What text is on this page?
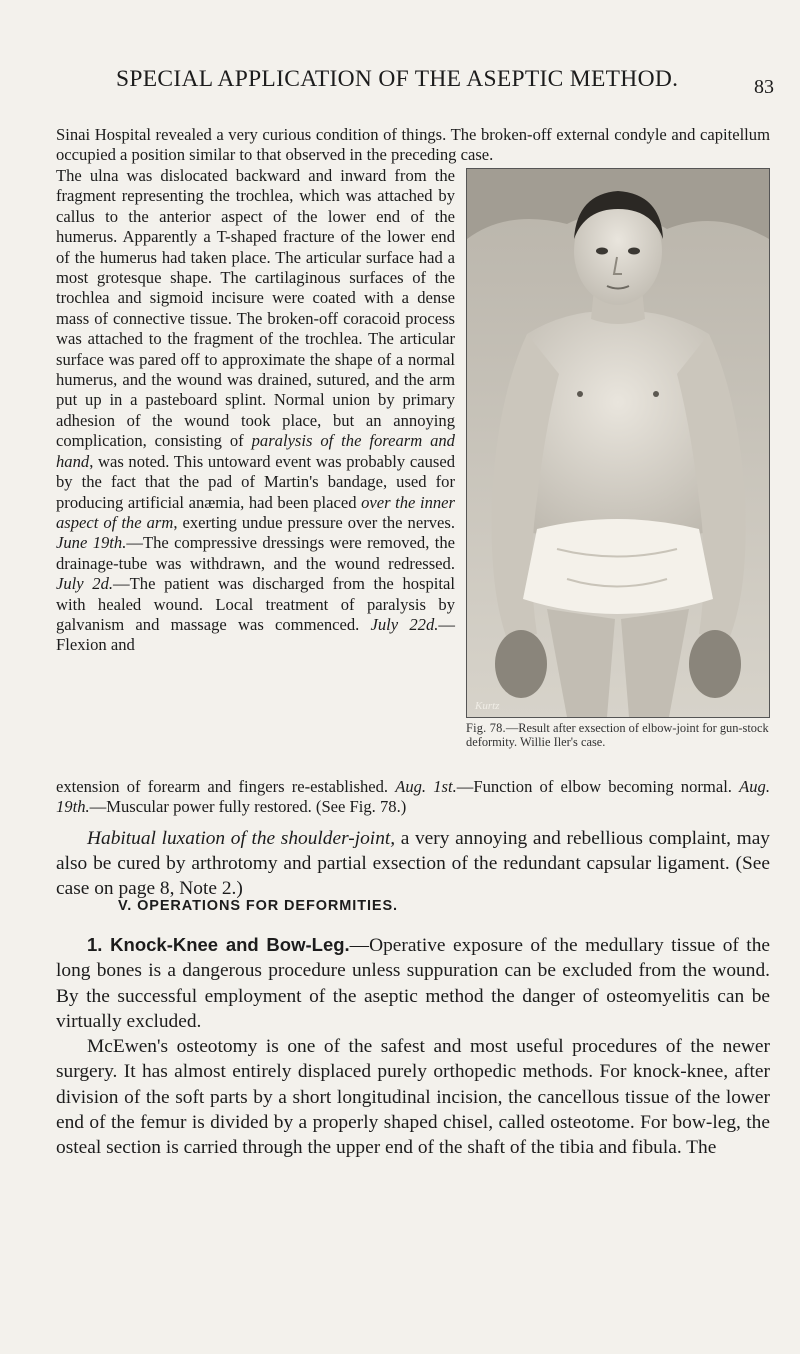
SPECIAL APPLICATION OF THE ASEPTIC METHOD.	83

Sinai Hospital revealed a very curious condition of things. The broken-off external condyle and capitellum occupied a position similar to that observed in the preceding case.

The ulna was dislocated backward and inward from the fragment representing the trochlea, which was attached by callus to the anterior aspect of the lower end of the humerus. Apparently a T-shaped fracture of the lower end of the humerus had taken place. The articular surface had a most grotesque shape. The cartilaginous surfaces of the trochlea and sigmoid incisure were coated with a dense mass of connective tissue. The broken-off coracoid process was attached to the fragment of the trochlea. The articular surface was pared off to approximate the shape of a normal humerus, and the wound was drained, sutured, and the arm put up in a pasteboard splint. Normal union by primary adhesion of the wound took place, but an annoying complication, consisting of paralysis of the forearm and hand, was noted. This untoward event was probably caused by the fact that the pad of Martin's bandage, used for producing artificial anæmia, had been placed over the inner aspect of the arm, exerting undue pressure over the nerves. June 19th.—The compressive dressings were removed, the drainage-tube was withdrawn, and the wound redressed. July 2d.—The patient was discharged from the hospital with healed wound. Local treatment of paralysis by galvanism and massage was commenced. July 22d.—Flexion and

Kurtz
Fig. 78.—Result after exsection of elbow-joint for gun-stock deformity. Willie Iler's case.

extension of forearm and fingers re-established. Aug. 1st.—Function of elbow becoming normal. Aug. 19th.—Muscular power fully restored. (See Fig. 78.)

Habitual luxation of the shoulder-joint, a very annoying and rebellious complaint, may also be cured by arthrotomy and partial exsection of the redundant capsular ligament. (See case on page 8, Note 2.)

V. OPERATIONS FOR DEFORMITIES.

1. Knock-Knee and Bow-Leg.—Operative exposure of the medullary tissue of the long bones is a dangerous procedure unless suppuration can be excluded from the wound. By the successful employment of the aseptic method the danger of osteomyelitis can be virtually excluded.

McEwen's osteotomy is one of the safest and most useful procedures of the newer surgery. It has almost entirely displaced purely orthopedic methods. For knock-knee, after division of the soft parts by a short longitudinal incision, the cancellous tissue of the lower end of the femur is divided by a properly shaped chisel, called osteotome. For bow-leg, the osteal section is carried through the upper end of the shaft of the tibia and fibula. The
